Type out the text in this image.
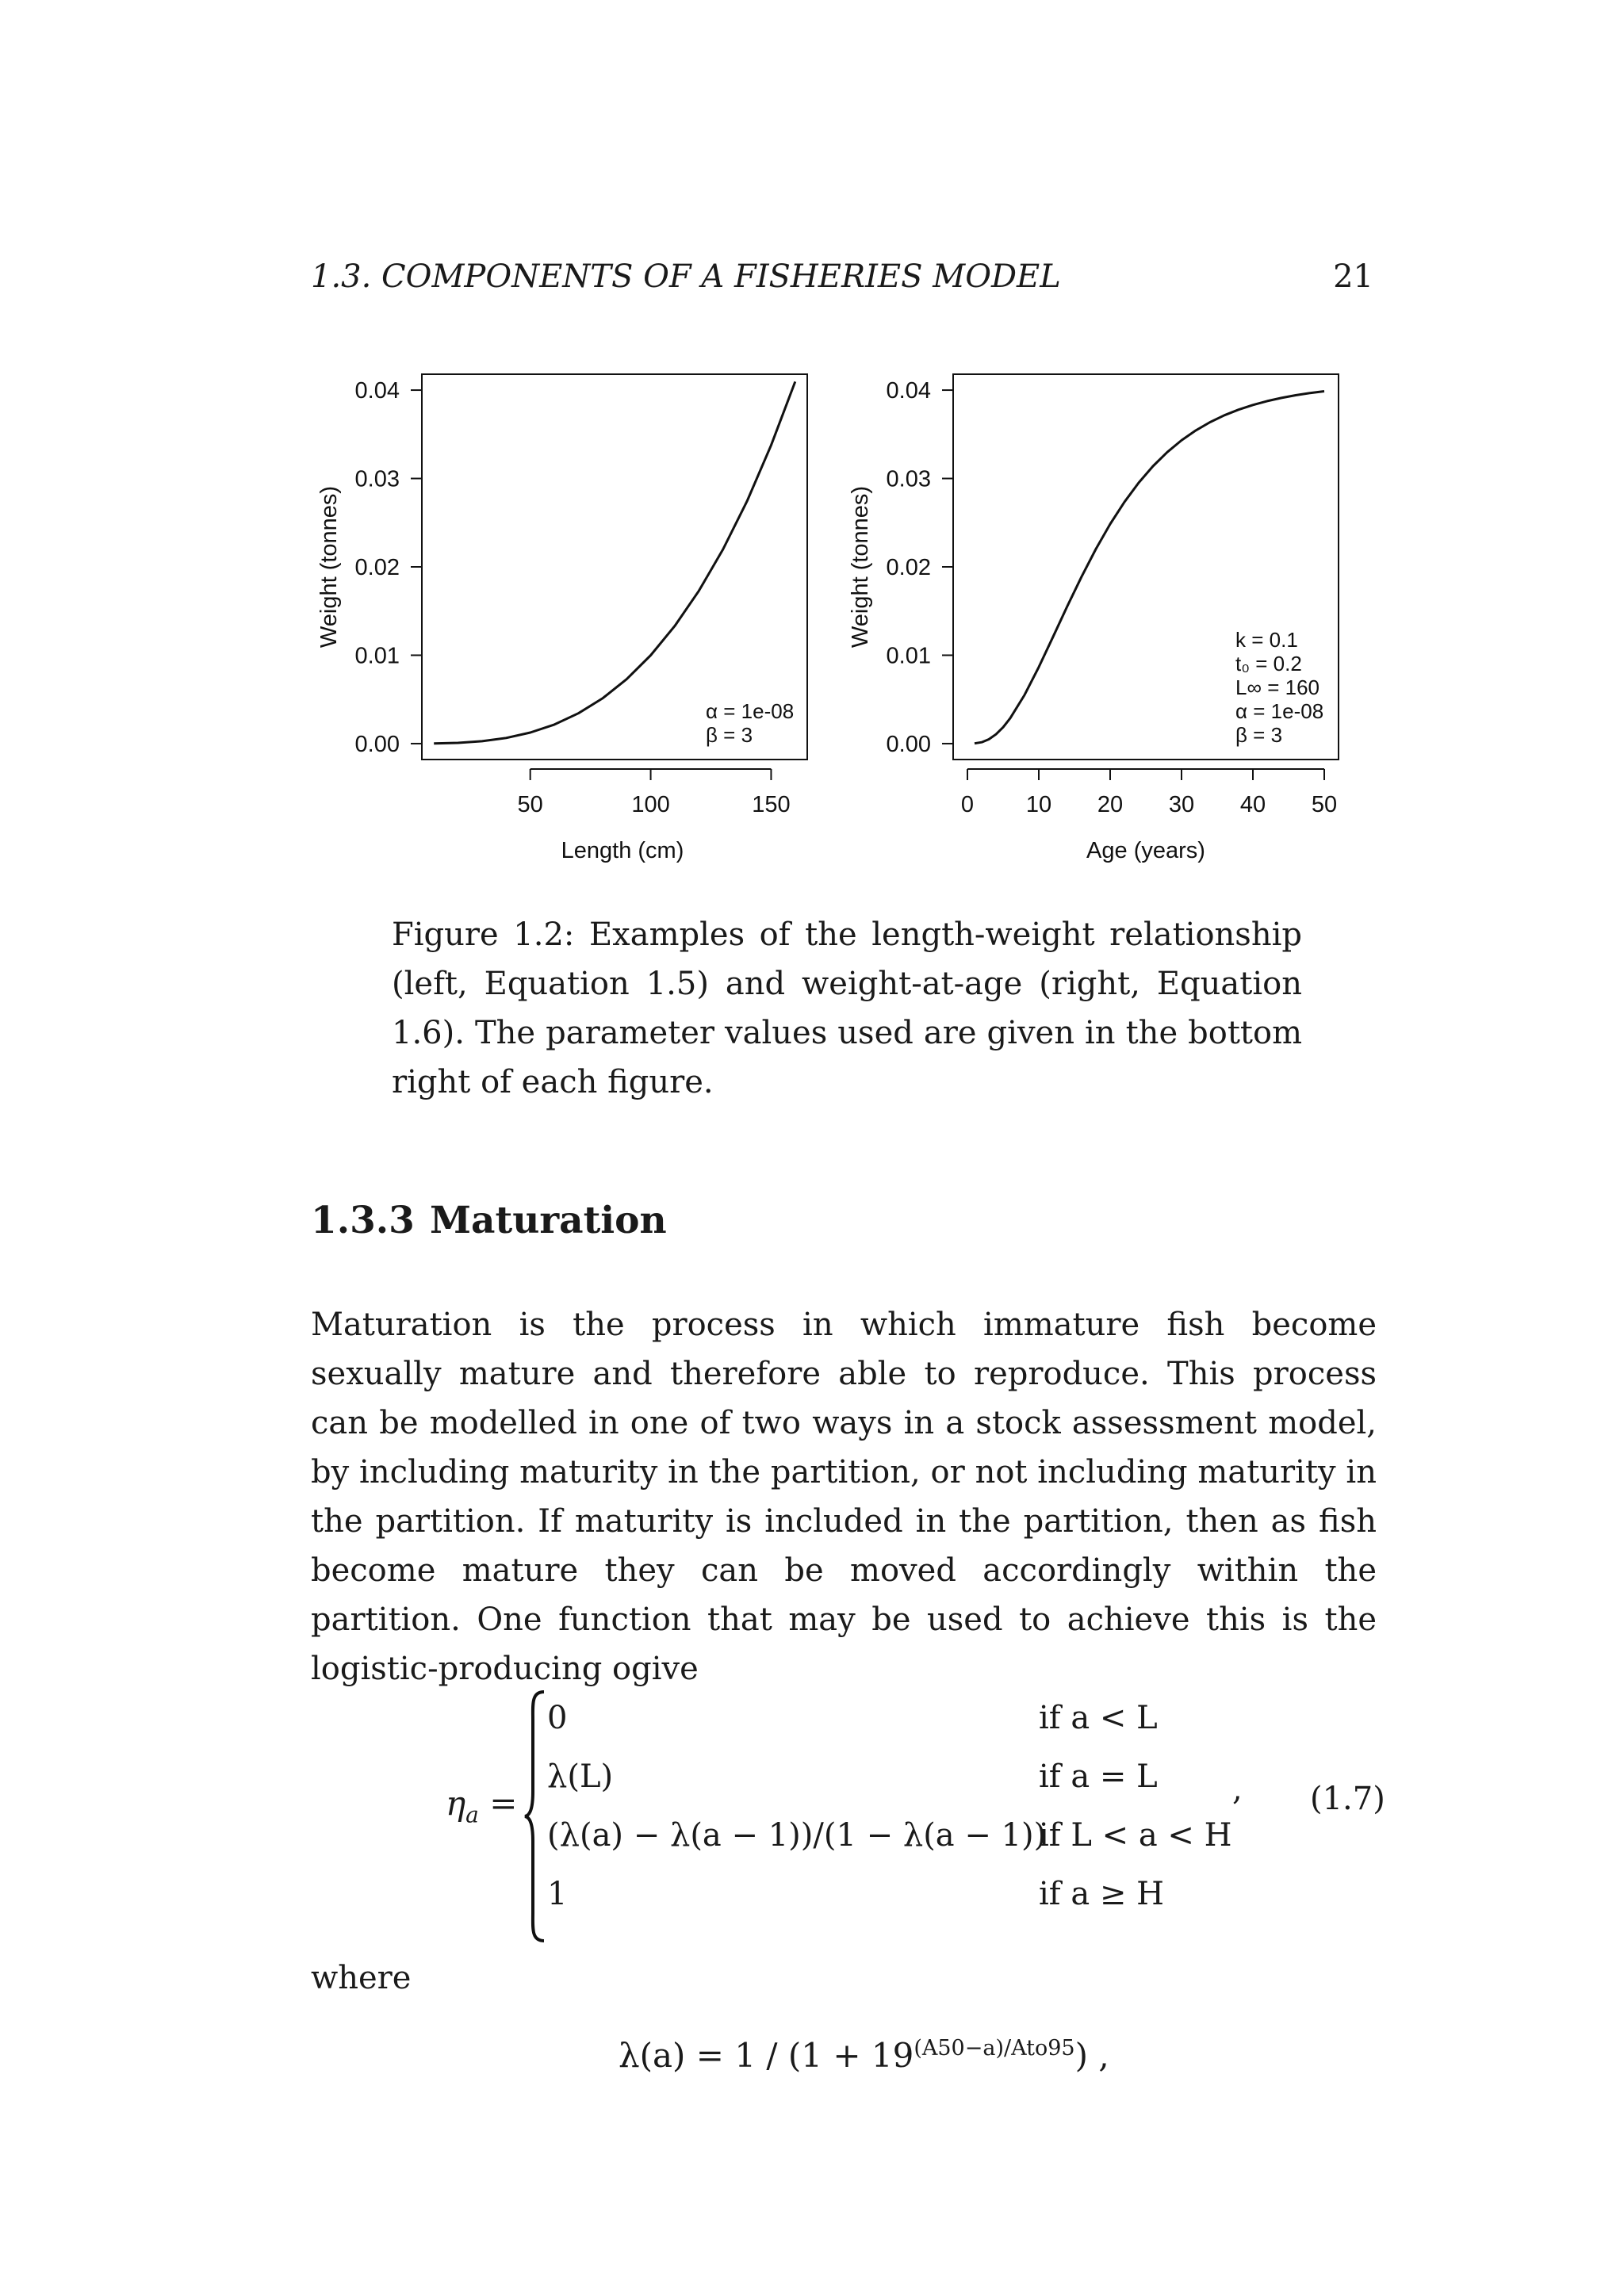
1.3. COMPONENTS OF A FISHERIES MODEL	21
0.00
0.01
0.02
0.03
0.04
50	100	150
α = 1e-08
β = 3
Length (cm)
Weight (tonnes)
0.00
0.01
0.02
0.03
0.04
0 10 20 30 40 50
k = 0.1
t₀ = 0.2
L∞ = 160
α = 1e-08
β = 3
Age (years)
Weight (tonnes)
Figure 1.2: Examples of the length-weight relationship (left, Equation 1.5) and weight-at-age (right, Equation 1.6). The parameter values used are given in the bottom right of each figure.
1.3.3 Maturation
Maturation is the process in which immature fish become sexually mature and therefore able to reproduce. This process can be modelled in one of two ways in a stock assessment model, by including maturity in the partition, or not including maturity in the partition. If maturity is included in the partition, then as fish become mature they can be moved accordingly within the partition. One function that may be used to achieve this is the logistic-producing ogive
$\eta_a$ =
0	if a < L
λ(L)	if a = L
(λ(a) − λ(a − 1))/(1 − λ(a − 1))
if L < a < H
1	if a ≥ H
, (1.7)
where
$\lambda(a) = 1 / (1 + 19^{(A50-a)/Ato95})$ ,
